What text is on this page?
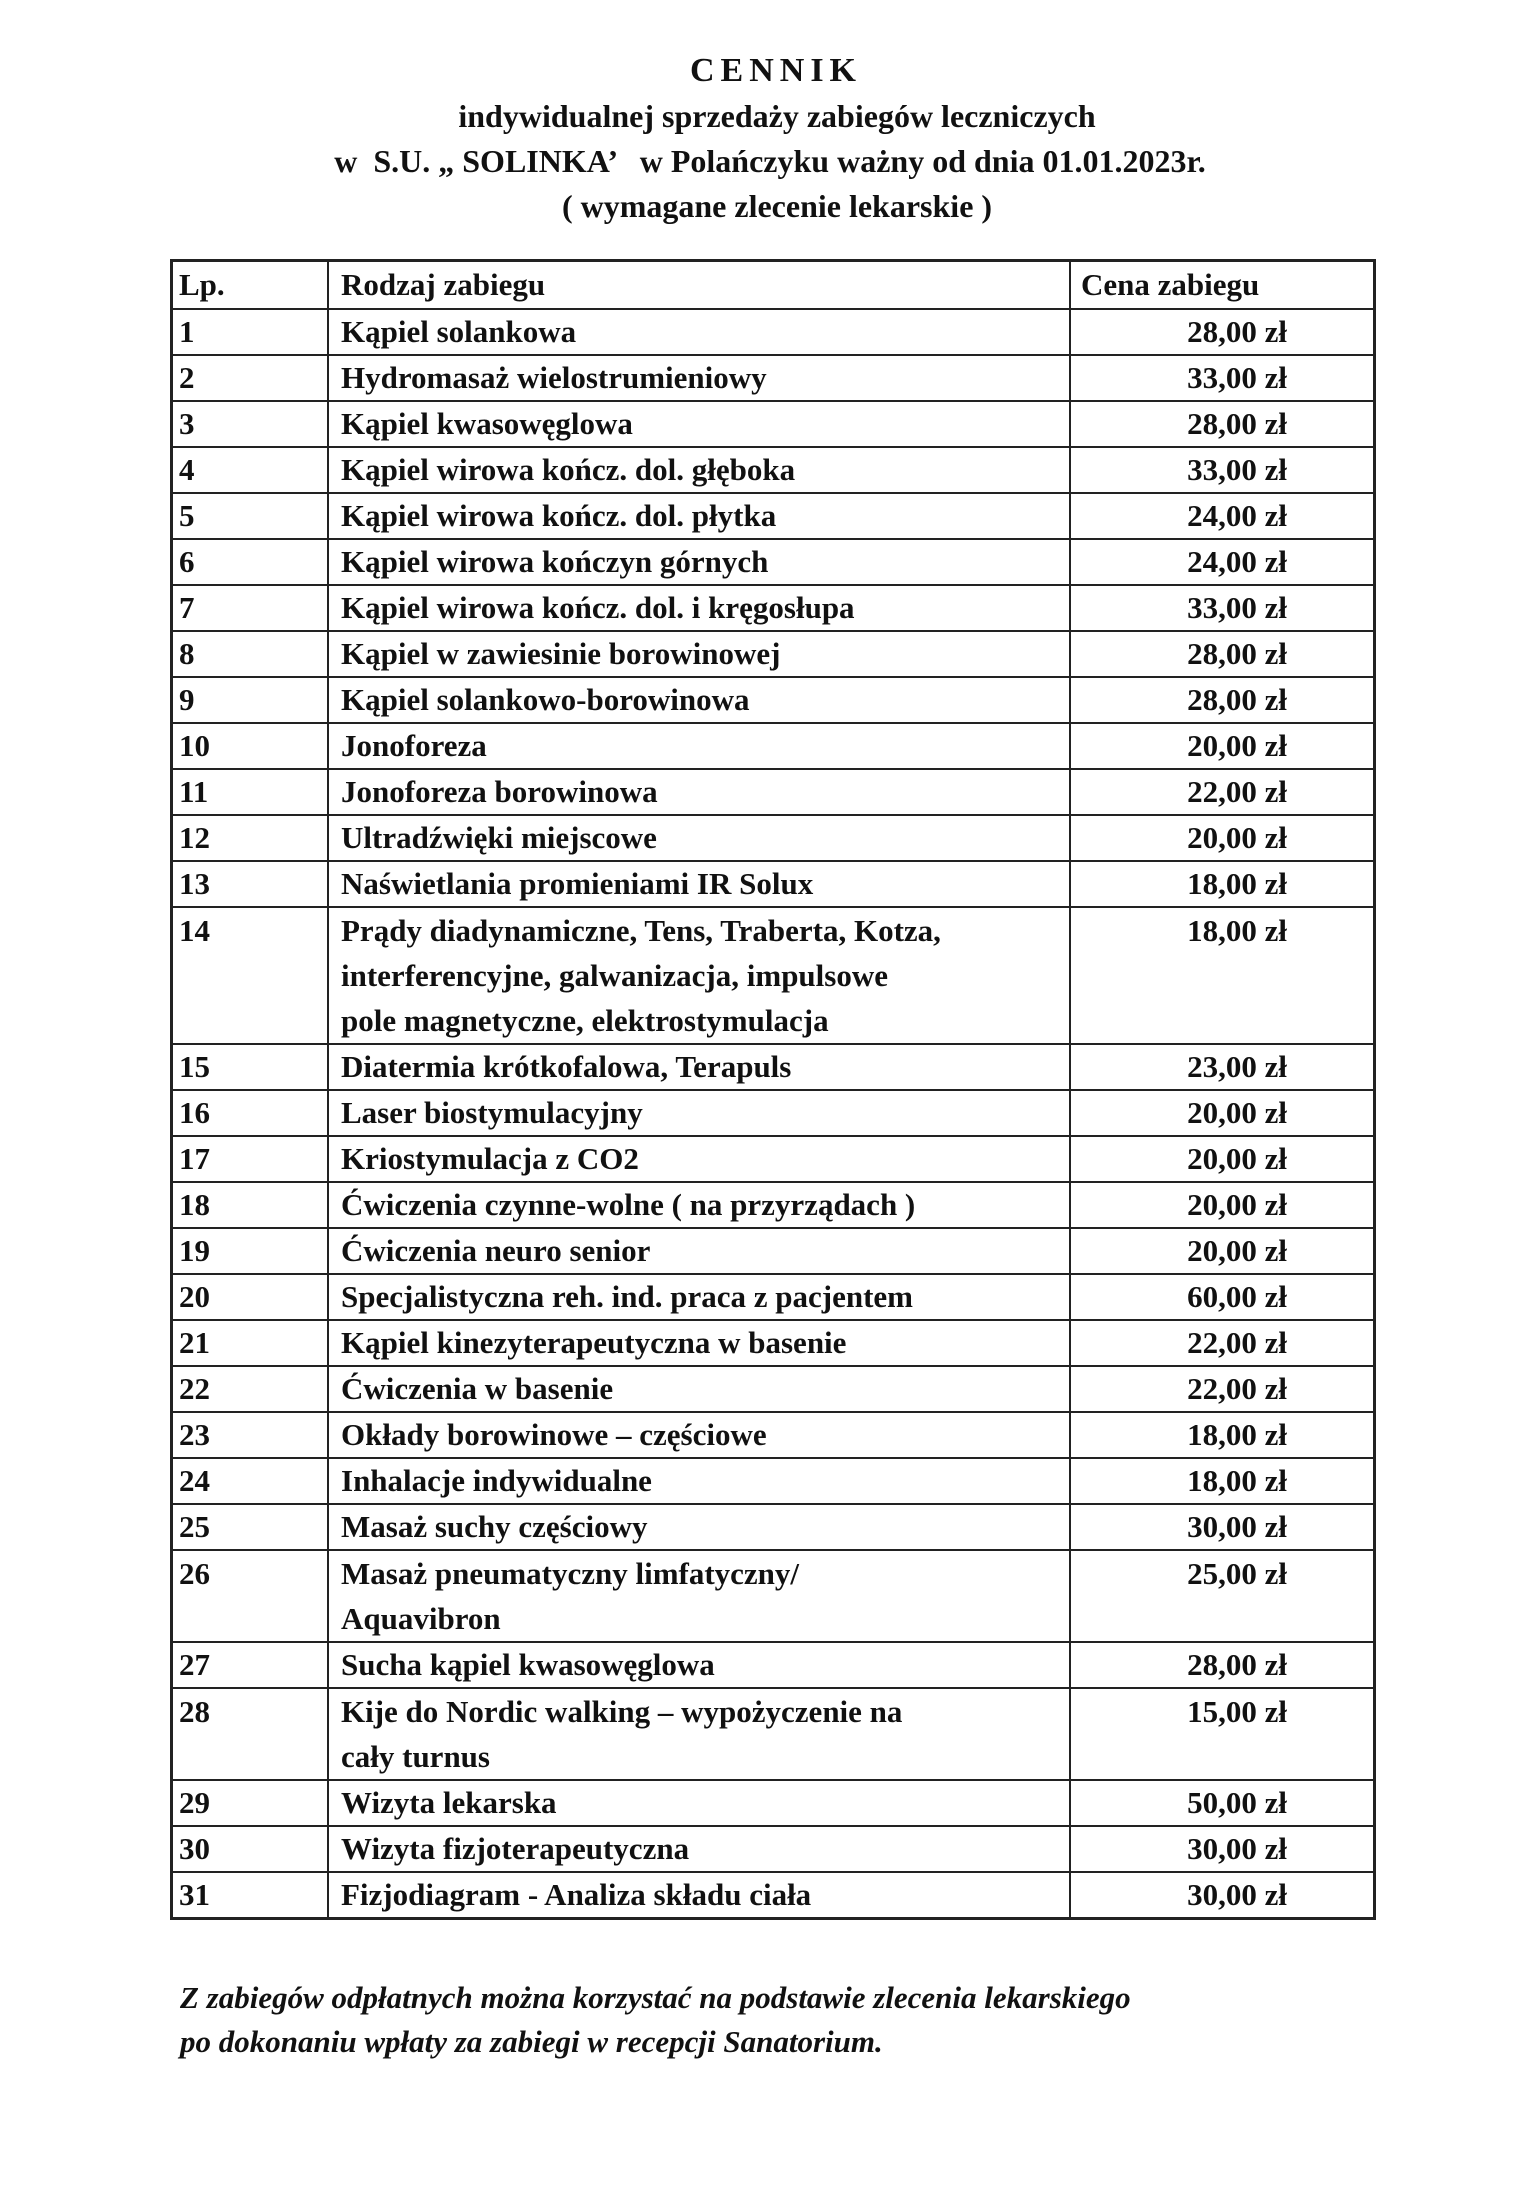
CENNIK
indywidualnej sprzedaży zabiegów leczniczych
w  S.U. „ SOLINKA’   w Polańczyku ważny od dnia 01.01.2023r.
( wymagane zlecenie lekarskie )
Lp.	Rodzaj zabiegu	Cena zabiegu
1	Kąpiel solankowa	28,00 zł
2	Hydromasaż wielostrumieniowy	33,00 zł
3	Kąpiel kwasowęglowa	28,00 zł
4	Kąpiel wirowa kończ. dol. głęboka	33,00 zł
5	Kąpiel wirowa kończ. dol. płytka	24,00 zł
6	Kąpiel wirowa kończyn górnych	24,00 zł
7	Kąpiel wirowa kończ. dol. i kręgosłupa	33,00 zł
8	Kąpiel w zawiesinie borowinowej	28,00 zł
9	Kąpiel solankowo-borowinowa	28,00 zł
10	Jonoforeza	20,00 zł
11	Jonoforeza borowinowa	22,00 zł
12	Ultradźwięki miejscowe	20,00 zł
13	Naświetlania promieniami IR Solux	18,00 zł
14	Prądy diadynamiczne, Tens, Traberta, Kotza,
interferencyjne, galwanizacja, impulsowe
pole magnetyczne, elektrostymulacja	18,00 zł
15	Diatermia krótkofalowa, Terapuls	23,00 zł
16	Laser biostymulacyjny	20,00 zł
17	Kriostymulacja z CO2	20,00 zł
18	Ćwiczenia czynne-wolne ( na przyrządach )	20,00 zł
19	Ćwiczenia neuro senior	20,00 zł
20	Specjalistyczna reh. ind. praca z pacjentem	60,00 zł
21	Kąpiel kinezyterapeutyczna w basenie	22,00 zł
22	Ćwiczenia w basenie	22,00 zł
23	Okłady borowinowe – częściowe	18,00 zł
24	Inhalacje indywidualne	18,00 zł
25	Masaż suchy częściowy	30,00 zł
26	Masaż pneumatyczny limfatyczny/
Aquavibron	25,00 zł
27	Sucha kąpiel kwasowęglowa	28,00 zł
28	Kije do Nordic walking – wypożyczenie na
cały turnus	15,00 zł
29	Wizyta lekarska	50,00 zł
30	Wizyta fizjoterapeutyczna	30,00 zł
31	Fizjodiagram - Analiza składu ciała	30,00 zł
Z zabiegów odpłatnych można korzystać na podstawie zlecenia lekarskiego
po dokonaniu wpłaty za zabiegi w recepcji Sanatorium.
